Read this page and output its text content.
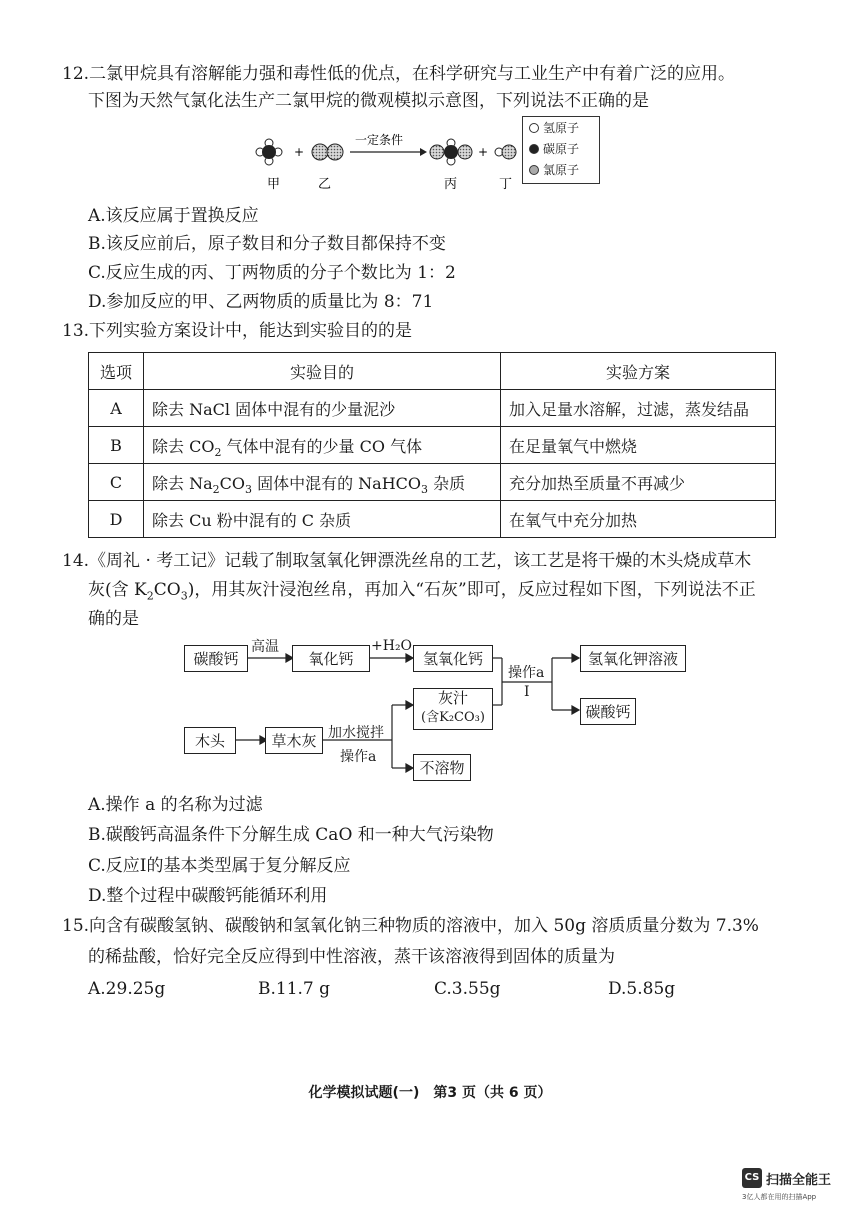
12.二氯甲烷具有溶解能力强和毒性低的优点，在科学研究与工业生产中有着广泛的应用。
下图为天然气氯化法生产二氯甲烷的微观模拟示意图，下列说法不正确的是
+
一定条件
+
甲	乙	丙	丁
氢原子
碳原子
氯原子
A.该反应属于置换反应
B.该反应前后，原子数目和分子数目都保持不变
C.反应生成的丙、丁两物质的分子个数比为 1：2
D.参加反应的甲、乙两物质的质量比为 8：71
13.下列实验方案设计中，能达到实验目的的是
选项	实验目的	实验方案
A	除去 NaCl 固体中混有的少量泥沙	加入足量水溶解，过滤，蒸发结晶
B	除去 $CO_2$ 气体中混有的少量 CO 气体	在足量氧气中燃烧
C	除去 $Na_2CO_3$ 固体中混有的 NaHCO$_3$ 杂质	充分加热至质量不再减少
D	除去 Cu 粉中混有的 C 杂质	在氧气中充分加热
14.《周礼 · 考工记》记载了制取氢氧化钾漂洗丝帛的工艺，该工艺是将干燥的木头烧成草木
灰(含 $K_2CO_3$)，用其灰汁浸泡丝帛，再加入“石灰”即可，反应过程如下图，下列说法不正
确的是
碳酸钙
高温
氧化钙
+H₂O
氢氧化钙
操作a
I
氢氧化钾溶液
碳酸钙
灰汁
(含K₂CO₃)
木头	草木灰 加水搅拌
操作a
不溶物
A.操作 a 的名称为过滤
B.碳酸钙高温条件下分解生成 CaO 和一种大气污染物
C.反应Ⅰ的基本类型属于复分解反应
D.整个过程中碳酸钙能循环利用
15.向含有碳酸氢钠、碳酸钠和氢氧化钠三种物质的溶液中，加入 50g 溶质质量分数为 7.3%
的稀盐酸，恰好完全反应得到中性溶液，蒸干该溶液得到固体的质量为
A.29.25g	B.11.7 g	C.3.55g	D.5.85g
化学模拟试题(一)　第3 页（共 6 页）
CS 扫描全能王
3亿人都在用的扫描App
